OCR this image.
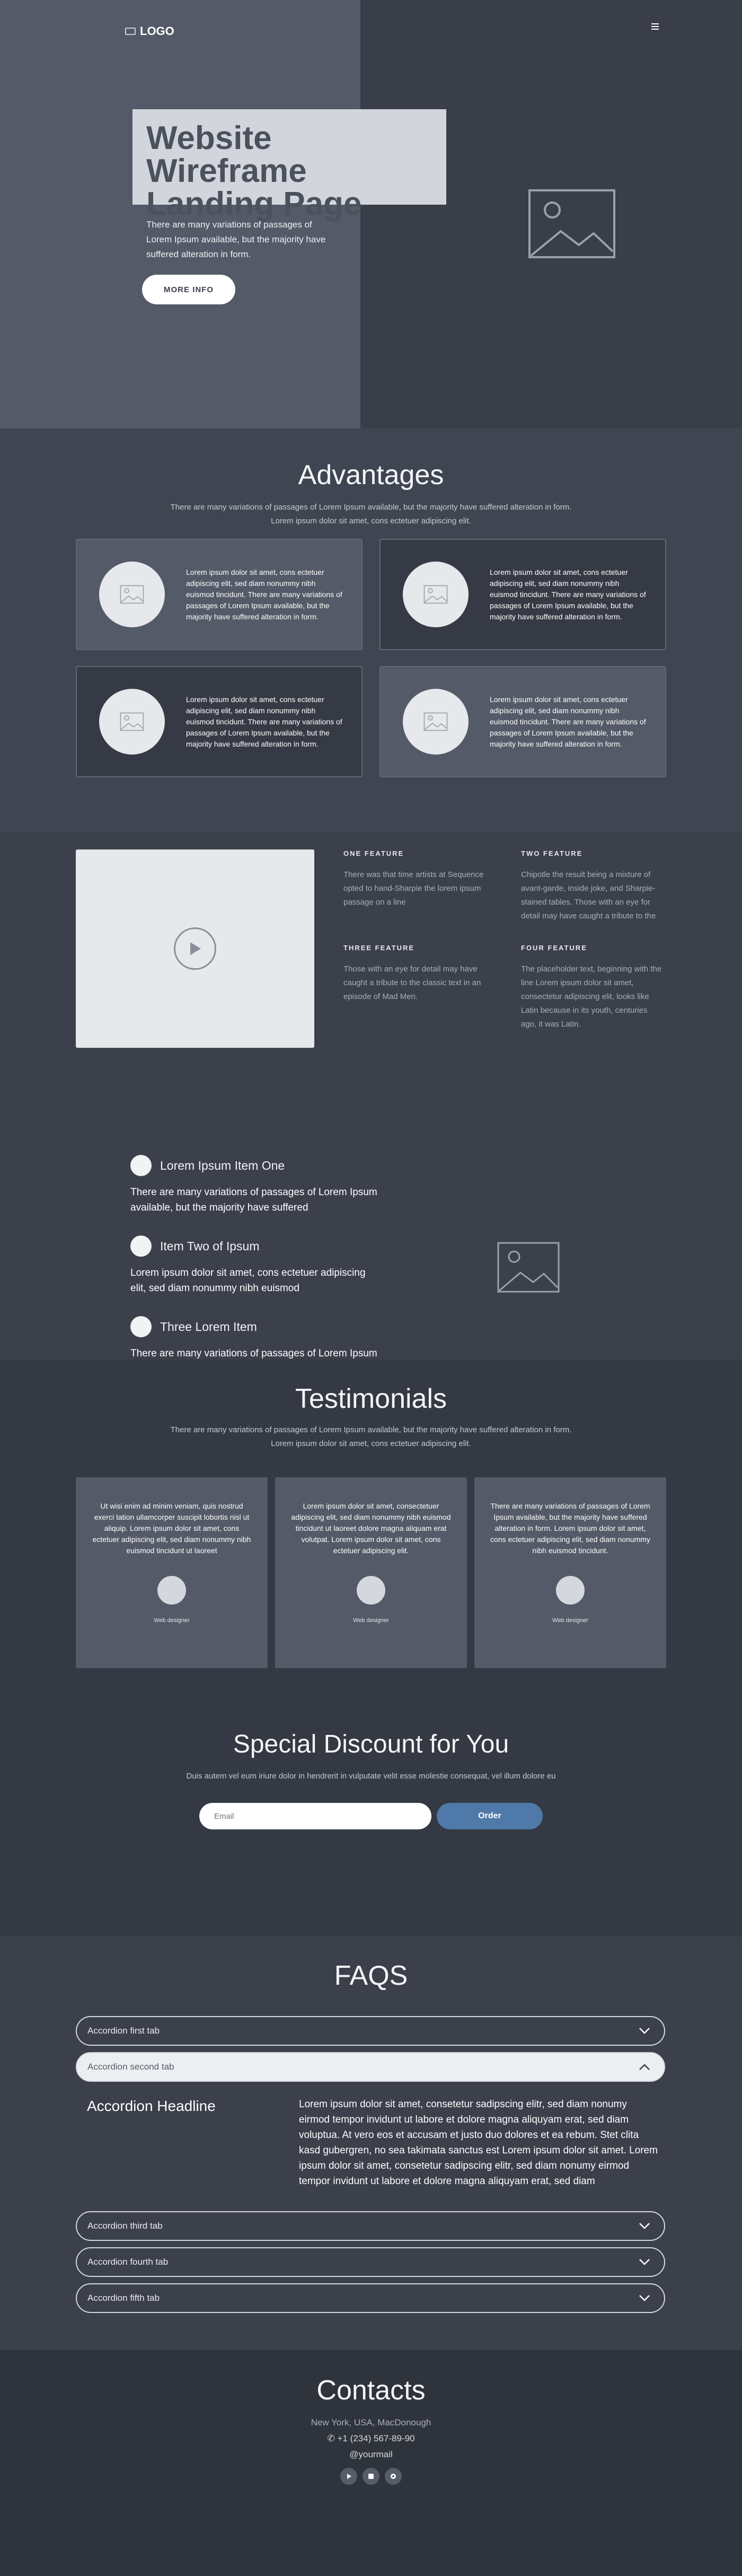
LOGO
Website Wireframe
Landing Page

There are many variations of passages of Lorem Ipsum available, but the majority have suffered alteration in form.

MORE INFO
Advantages

There are many variations of passages of Lorem Ipsum available, but the majority have suffered alteration in form. Lorem ipsum dolor sit amet, cons ectetuer adipiscing elit.

Lorem ipsum dolor sit amet, cons ectetuer adipiscing elit, sed diam nonummy nibh euismod tincidunt. There are many variations of passages of Lorem Ipsum available, but the majority have suffered alteration in form.

Lorem ipsum dolor sit amet, cons ectetuer adipiscing elit, sed diam nonummy nibh euismod tincidunt. There are many variations of passages of Lorem Ipsum available, but the majority have suffered alteration in form.

Lorem ipsum dolor sit amet, cons ectetuer adipiscing elit, sed diam nonummy nibh euismod tincidunt. There are many variations of passages of Lorem Ipsum available, but the majority have suffered alteration in form.

Lorem ipsum dolor sit amet, cons ectetuer adipiscing elit, sed diam nonummy nibh euismod tincidunt. There are many variations of passages of Lorem Ipsum available, but the majority have suffered alteration in form.

ONE FEATURE

There was that time artists at Sequence opted to hand-Sharpie the lorem ipsum passage on a line

TWO FEATURE

Chipotle the result being a mixture of avant-garde, inside joke, and Sharpie-stained tables. Those with an eye for detail may have caught a tribute to the

THREE FEATURE

Those with an eye for detail may have caught a tribute to the classic text in an episode of Mad Men.

FOUR FEATURE

The placeholder text, beginning with the line Lorem ipsum dolor sit amet, consectetur adipiscing elit, looks like Latin because in its youth, centuries ago, it was Latin.

Lorem Ipsum Item One

There are many variations of passages of Lorem Ipsum available, but the majority have suffered

Item Two of Ipsum

Lorem ipsum dolor sit amet, cons ectetuer adipiscing elit, sed diam nonummy nibh euismod

Three Lorem Item

There are many variations of passages of Lorem Ipsum

Testimonials

There are many variations of passages of Lorem Ipsum available, but the majority have suffered alteration in form. Lorem ipsum dolor sit amet, cons ectetuer adipiscing elit.

Ut wisi enim ad minim veniam, quis nostrud exerci tation ullamcorper suscipit lobortis nisl ut aliquip. Lorem ipsum dolor sit amet, cons ectetuer adipiscing elit, sed diam nonummy nibh euismod tincidunt ut laoreet

Web designer

Lorem ipsum dolor sit amet, consectetuer adipiscing elit, sed diam nonummy nibh euismod tincidunt ut laoreet dolore magna aliquam erat volutpat. Lorem ipsum dolor sit amet, cons ectetuer adipiscing elit.

Web designer

There are many variations of passages of Lorem Ipsum available, but the majority have suffered alteration in form. Lorem ipsum dolor sit amet, cons ectetuer adipiscing elit, sed diam nonummy nibh euismod tincidunt.

Web designer
Special Discount for You

Duis autem vel eum iriure dolor in hendrerit in vulputate velit esse molestie consequat, vel illum dolore eu

Email
Order
FAQS
Accordion first tab
Accordion second tab
Accordion Headline	Lorem ipsum dolor sit amet, consetetur sadipscing elitr, sed diam nonumy eirmod tempor invidunt ut labore et dolore magna aliquyam erat, sed diam voluptua. At vero eos et accusam et justo duo dolores et ea rebum. Stet clita kasd gubergren, no sea takimata sanctus est Lorem ipsum dolor sit amet. Lorem ipsum dolor sit amet, consetetur sadipscing elitr, sed diam nonumy eirmod tempor invidunt ut labore et dolore magna aliquyam erat, sed diam

Accordion third tab
Accordion fourth tab
Accordion fifth tab
Contacts
New York, USA, MacDonough
✆ +1 (234) 567-89-90
@yourmail
